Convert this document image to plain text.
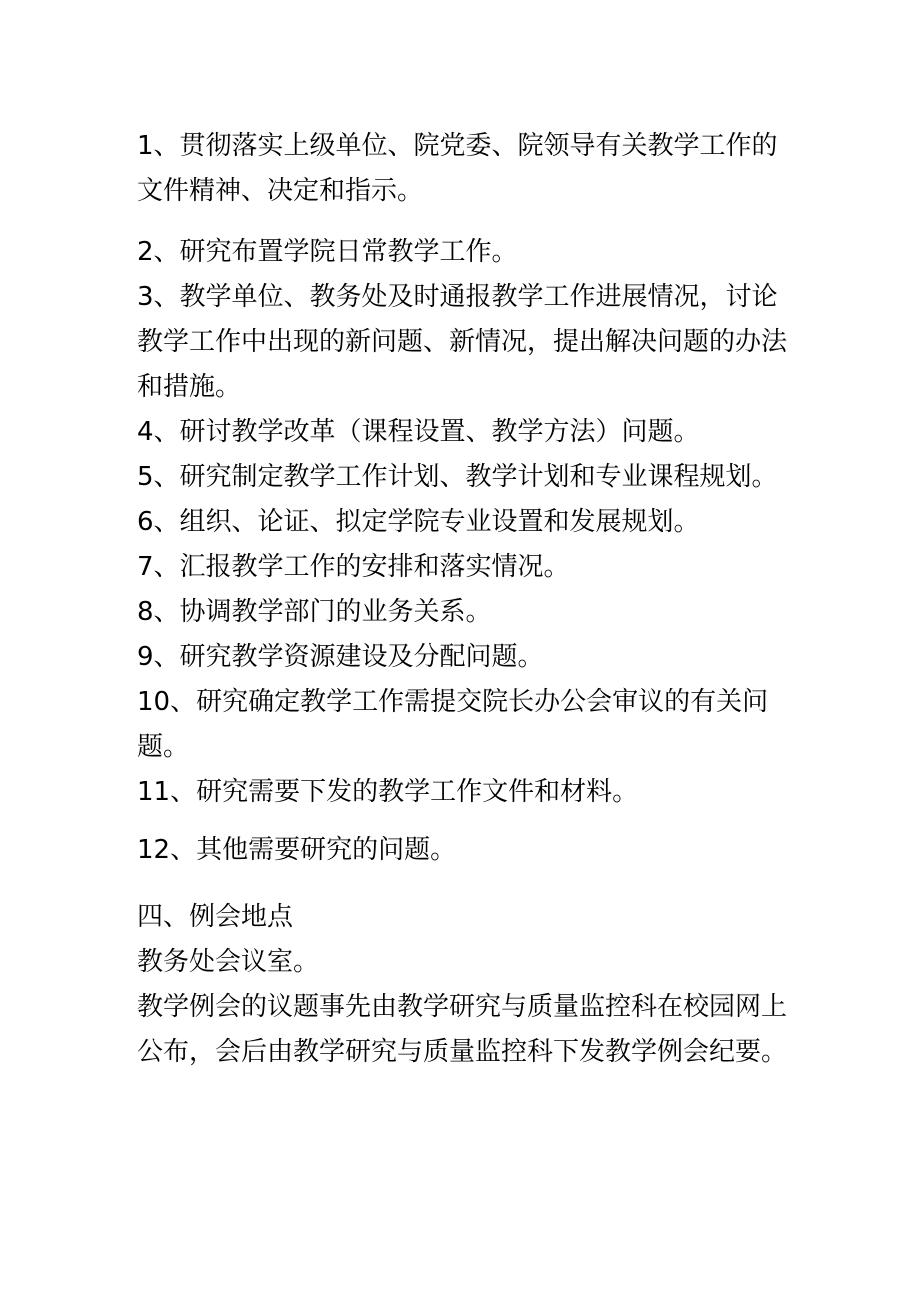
1、贯彻落实上级单位、院党委、院领导有关教学工作的文件精神、决定和指示。

2、研究布置学院日常教学工作。

3、教学单位、教务处及时通报教学工作进展情况，讨论教学工作中出现的新问题、新情况，提出解决问题的办法和措施。

4、研讨教学改革（课程设置、教学方法）问题。

5、研究制定教学工作计划、教学计划和专业课程规划。

6、组织、论证、拟定学院专业设置和发展规划。

7、汇报教学工作的安排和落实情况。

8、协调教学部门的业务关系。

9、研究教学资源建设及分配问题。

10、研究确定教学工作需提交院长办公会审议的有关问题。

11、研究需要下发的教学工作文件和材料。

12、其他需要研究的问题。

四、例会地点

教务处会议室。

教学例会的议题事先由教学研究与质量监控科在校园网上公布，会后由教学研究与质量监控科下发教学例会纪要。
